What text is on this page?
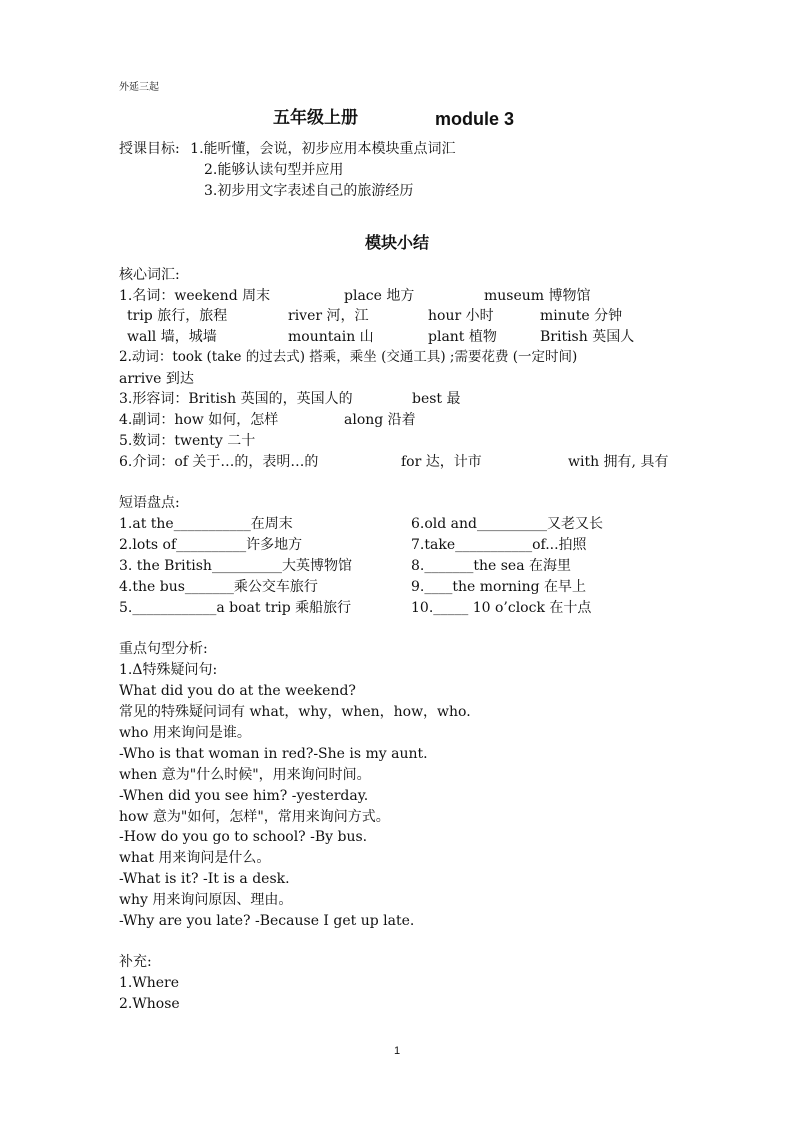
外延三起
五年级上册	module 3
授课目标: 1.能听懂，会说，初步应用本模块重点词汇
2.能够认读句型并应用
3.初步用文字表述自己的旅游经历
模块小结
核心词汇:
1.名词：weekend 周末	place 地方	museum 博物馆
trip 旅行，旅程	river 河，江	hour 小时	minute 分钟
wall 墙，城墙	mountain 山	plant 植物	British 英国人
2.动词：took (take 的过去式) 搭乘，乘坐 (交通工具) ;需要花费 (一定时间)
arrive 到达
3.形容词：British 英国的，英国人的	best 最
4.副词：how 如何，怎样	along 沿着
5.数词：twenty 二十
6.介词：of 关于…的，表明…的	for 达，计市	with 拥有, 具有
短语盘点:
1.at the___________在周末
2.lots of__________许多地方
3. the British__________大英博物馆
4.the bus_______乘公交车旅行
5.____________a boat trip 乘船旅行
6.old and__________又老又长
7.take___________of...拍照
8._______the sea 在海里
9.____the morning 在早上
10._____ 10 o’clock 在十点
重点句型分析:
1.Δ特殊疑问句:
What did you do at the weekend?
常见的特殊疑问词有 what，why，when，how，who.
who 用来询问是谁。
-Who is that woman in red?-She is my aunt.
when 意为"什么时候"，用来询问时间。
-When did you see him? -yesterday.
how 意为"如何，怎样"，常用来询问方式。
-How do you go to school? -By bus.
what 用来询问是什么。
-What is it? -It is a desk.
why 用来询问原因、理由。
-Why are you late? -Because I get up late.
补充:
1.Where
2.Whose
1
